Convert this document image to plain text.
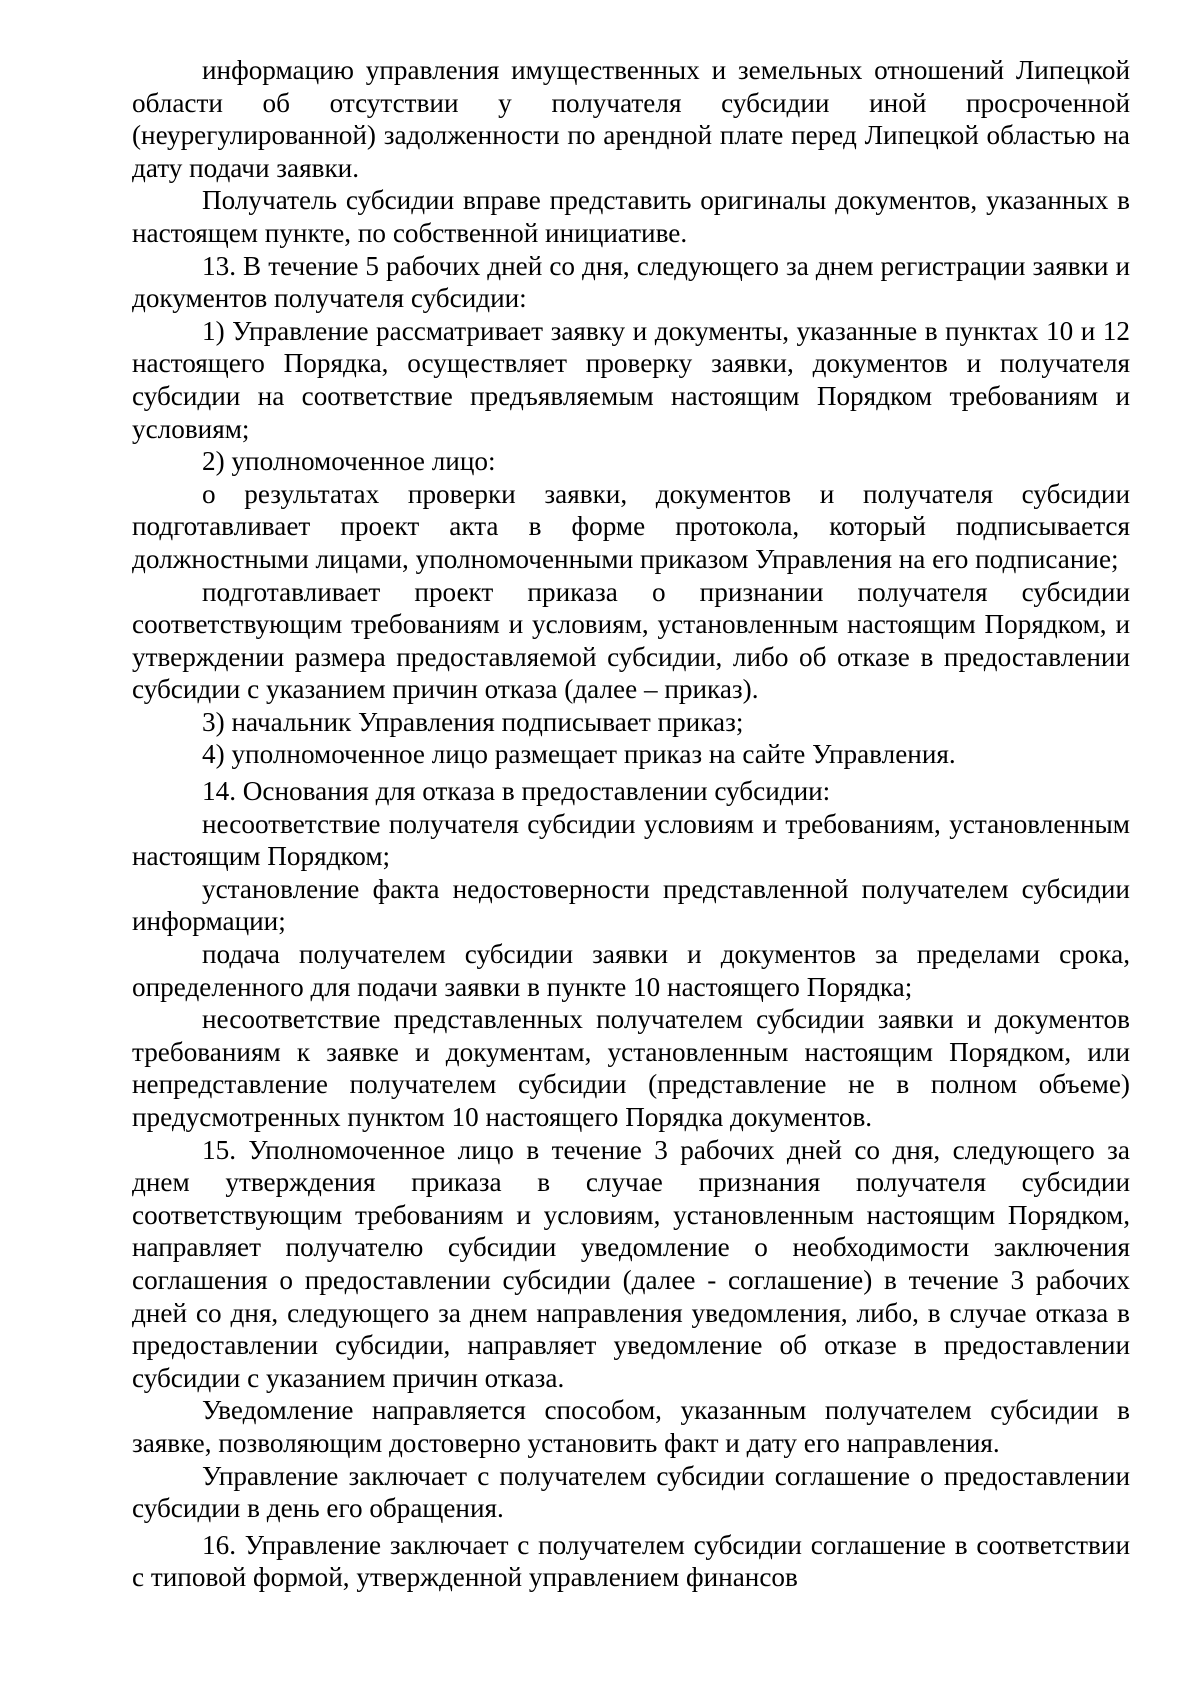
информацию управления имущественных и земельных отношений Липецкой области об отсутствии у получателя субсидии иной просроченной (неурегулированной) задолженности по арендной плате перед Липецкой областью на дату подачи заявки.

Получатель субсидии вправе представить оригиналы документов, указанных в настоящем пункте, по собственной инициативе.

13. В течение 5 рабочих дней со дня, следующего за днем регистрации заявки и документов получателя субсидии:

1) Управление рассматривает заявку и документы, указанные в пунктах 10 и 12 настоящего Порядка, осуществляет проверку заявки, документов и получателя субсидии на соответствие предъявляемым настоящим Порядком требованиям и условиям;

2) уполномоченное лицо:

о результатах проверки заявки, документов и получателя субсидии подготавливает проект акта в форме протокола, который подписывается должностными лицами, уполномоченными приказом Управления на его подписание;

подготавливает проект приказа о признании получателя субсидии соответствующим требованиям и условиям, установленным настоящим Порядком, и утверждении размера предоставляемой субсидии, либо об отказе в предоставлении субсидии с указанием причин отказа (далее – приказ).

3) начальник Управления подписывает приказ;

4) уполномоченное лицо размещает приказ на сайте Управления.

14. Основания для отказа в предоставлении субсидии:

несоответствие получателя субсидии условиям и требованиям, установленным настоящим Порядком;

установление факта недостоверности представленной получателем субсидии информации;

подача получателем субсидии заявки и документов за пределами срока, определенного для подачи заявки в пункте 10 настоящего Порядка;

несоответствие представленных получателем субсидии заявки и документов требованиям к заявке и документам, установленным настоящим Порядком, или непредставление получателем субсидии (представление не в полном объеме) предусмотренных пунктом 10 настоящего Порядка документов.

15. Уполномоченное лицо в течение 3 рабочих дней со дня, следующего за днем утверждения приказа в случае признания получателя субсидии соответствующим требованиям и условиям, установленным настоящим Порядком, направляет получателю субсидии уведомление о необходимости заключения соглашения о предоставлении субсидии (далее - соглашение) в течение 3 рабочих дней со дня, следующего за днем направления уведомления, либо, в случае отказа в предоставлении субсидии, направляет уведомление об отказе в предоставлении субсидии с указанием причин отказа.

Уведомление направляется способом, указанным получателем субсидии в заявке, позволяющим достоверно установить факт и дату его направления.

Управление заключает с получателем субсидии соглашение о предоставлении субсидии в день его обращения.

16. Управление заключает с получателем субсидии соглашение в соответствии с типовой формой, утвержденной управлением финансов
